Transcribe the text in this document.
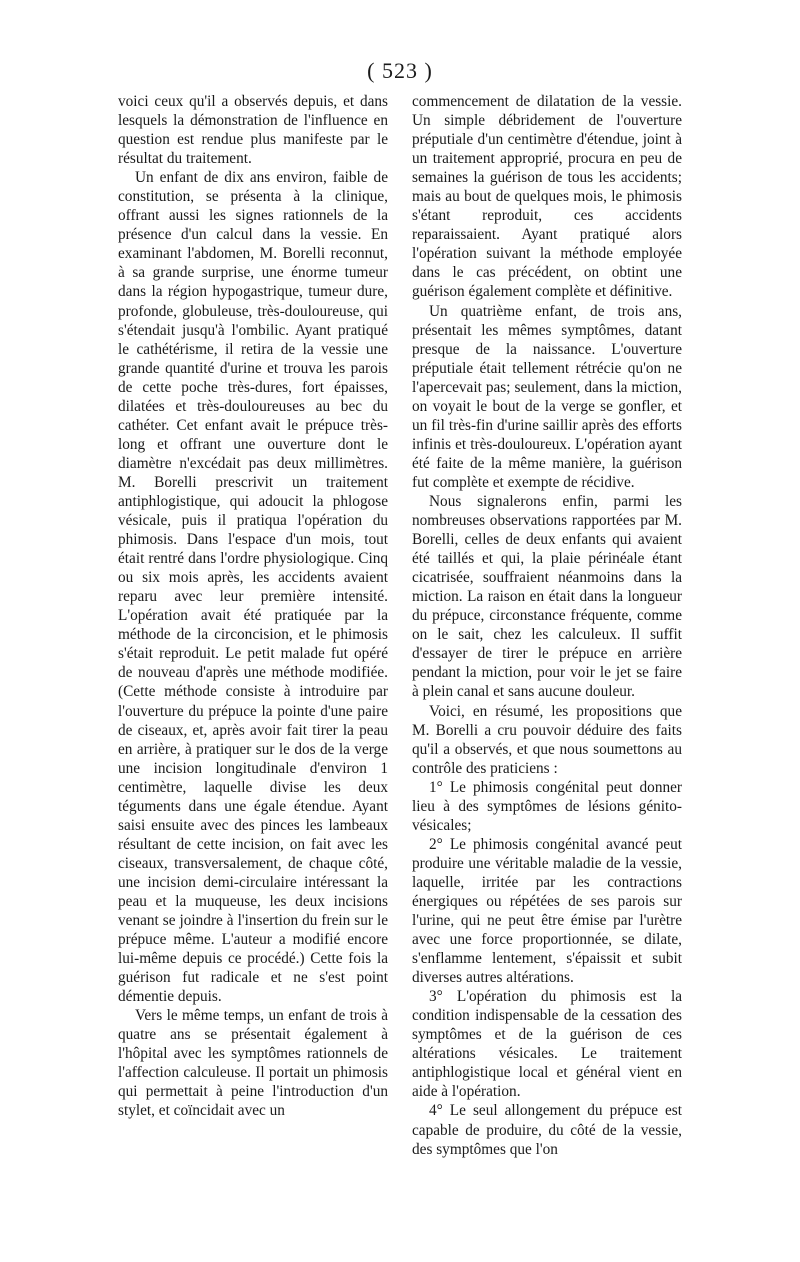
( 523 )

voici ceux qu'il a observés depuis, et dans lesquels la démonstration de l'influence en question est rendue plus manifeste par le résultat du traitement.

Un enfant de dix ans environ, faible de constitution, se présenta à la clinique, offrant aussi les signes rationnels de la présence d'un calcul dans la vessie. En examinant l'abdomen, M. Borelli reconnut, à sa grande surprise, une énorme tumeur dans la région hypogastrique, tumeur dure, profonde, globuleuse, très-douloureuse, qui s'étendait jusqu'à l'ombilic. Ayant pratiqué le cathétérisme, il retira de la vessie une grande quantité d'urine et trouva les parois de cette poche très-dures, fort épaisses, dilatées et très-douloureuses au bec du cathéter. Cet enfant avait le prépuce très-long et offrant une ouverture dont le diamètre n'excédait pas deux millimètres. M. Borelli prescrivit un traitement antiphlogistique, qui adoucit la phlogose vésicale, puis il pratiqua l'opération du phimosis. Dans l'espace d'un mois, tout était rentré dans l'ordre physiologique. Cinq ou six mois après, les accidents avaient reparu avec leur première intensité. L'opération avait été pratiquée par la méthode de la circoncision, et le phimosis s'était reproduit. Le petit malade fut opéré de nouveau d'après une méthode modifiée. (Cette méthode consiste à introduire par l'ouverture du prépuce la pointe d'une paire de ciseaux, et, après avoir fait tirer la peau en arrière, à pratiquer sur le dos de la verge une incision longitudinale d'environ 1 centimètre, laquelle divise les deux téguments dans une égale étendue. Ayant saisi ensuite avec des pinces les lambeaux résultant de cette incision, on fait avec les ciseaux, transversalement, de chaque côté, une incision demi-circulaire intéressant la peau et la muqueuse, les deux incisions venant se joindre à l'insertion du frein sur le prépuce même. L'auteur a modifié encore lui-même depuis ce procédé.) Cette fois la guérison fut radicale et ne s'est point démentie depuis.

Vers le même temps, un enfant de trois à quatre ans se présentait également à l'hôpital avec les symptômes rationnels de l'affection calculeuse. Il portait un phimosis qui permettait à peine l'introduction d'un stylet, et coïncidait avec un

commencement de dilatation de la vessie. Un simple débridement de l'ouverture préputiale d'un centimètre d'étendue, joint à un traitement approprié, procura en peu de semaines la guérison de tous les accidents; mais au bout de quelques mois, le phimosis s'étant reproduit, ces accidents reparaissaient. Ayant pratiqué alors l'opération suivant la méthode employée dans le cas précédent, on obtint une guérison également complète et définitive.

Un quatrième enfant, de trois ans, présentait les mêmes symptômes, datant presque de la naissance. L'ouverture préputiale était tellement rétrécie qu'on ne l'apercevait pas; seulement, dans la miction, on voyait le bout de la verge se gonfler, et un fil très-fin d'urine saillir après des efforts infinis et très-douloureux. L'opération ayant été faite de la même manière, la guérison fut complète et exempte de récidive.

Nous signalerons enfin, parmi les nombreuses observations rapportées par M. Borelli, celles de deux enfants qui avaient été taillés et qui, la plaie périnéale étant cicatrisée, souffraient néanmoins dans la miction. La raison en était dans la longueur du prépuce, circonstance fréquente, comme on le sait, chez les calculeux. Il suffit d'essayer de tirer le prépuce en arrière pendant la miction, pour voir le jet se faire à plein canal et sans aucune douleur.

Voici, en résumé, les propositions que M. Borelli a cru pouvoir déduire des faits qu'il a observés, et que nous soumettons au contrôle des praticiens :

1° Le phimosis congénital peut donner lieu à des symptômes de lésions génito-vésicales;

2° Le phimosis congénital avancé peut produire une véritable maladie de la vessie, laquelle, irritée par les contractions énergiques ou répétées de ses parois sur l'urine, qui ne peut être émise par l'urètre avec une force proportionnée, se dilate, s'enflamme lentement, s'épaissit et subit diverses autres altérations.

3° L'opération du phimosis est la condition indispensable de la cessation des symptômes et de la guérison de ces altérations vésicales. Le traitement antiphlogistique local et général vient en aide à l'opération.

4° Le seul allongement du prépuce est capable de produire, du côté de la vessie, des symptômes que l'on
